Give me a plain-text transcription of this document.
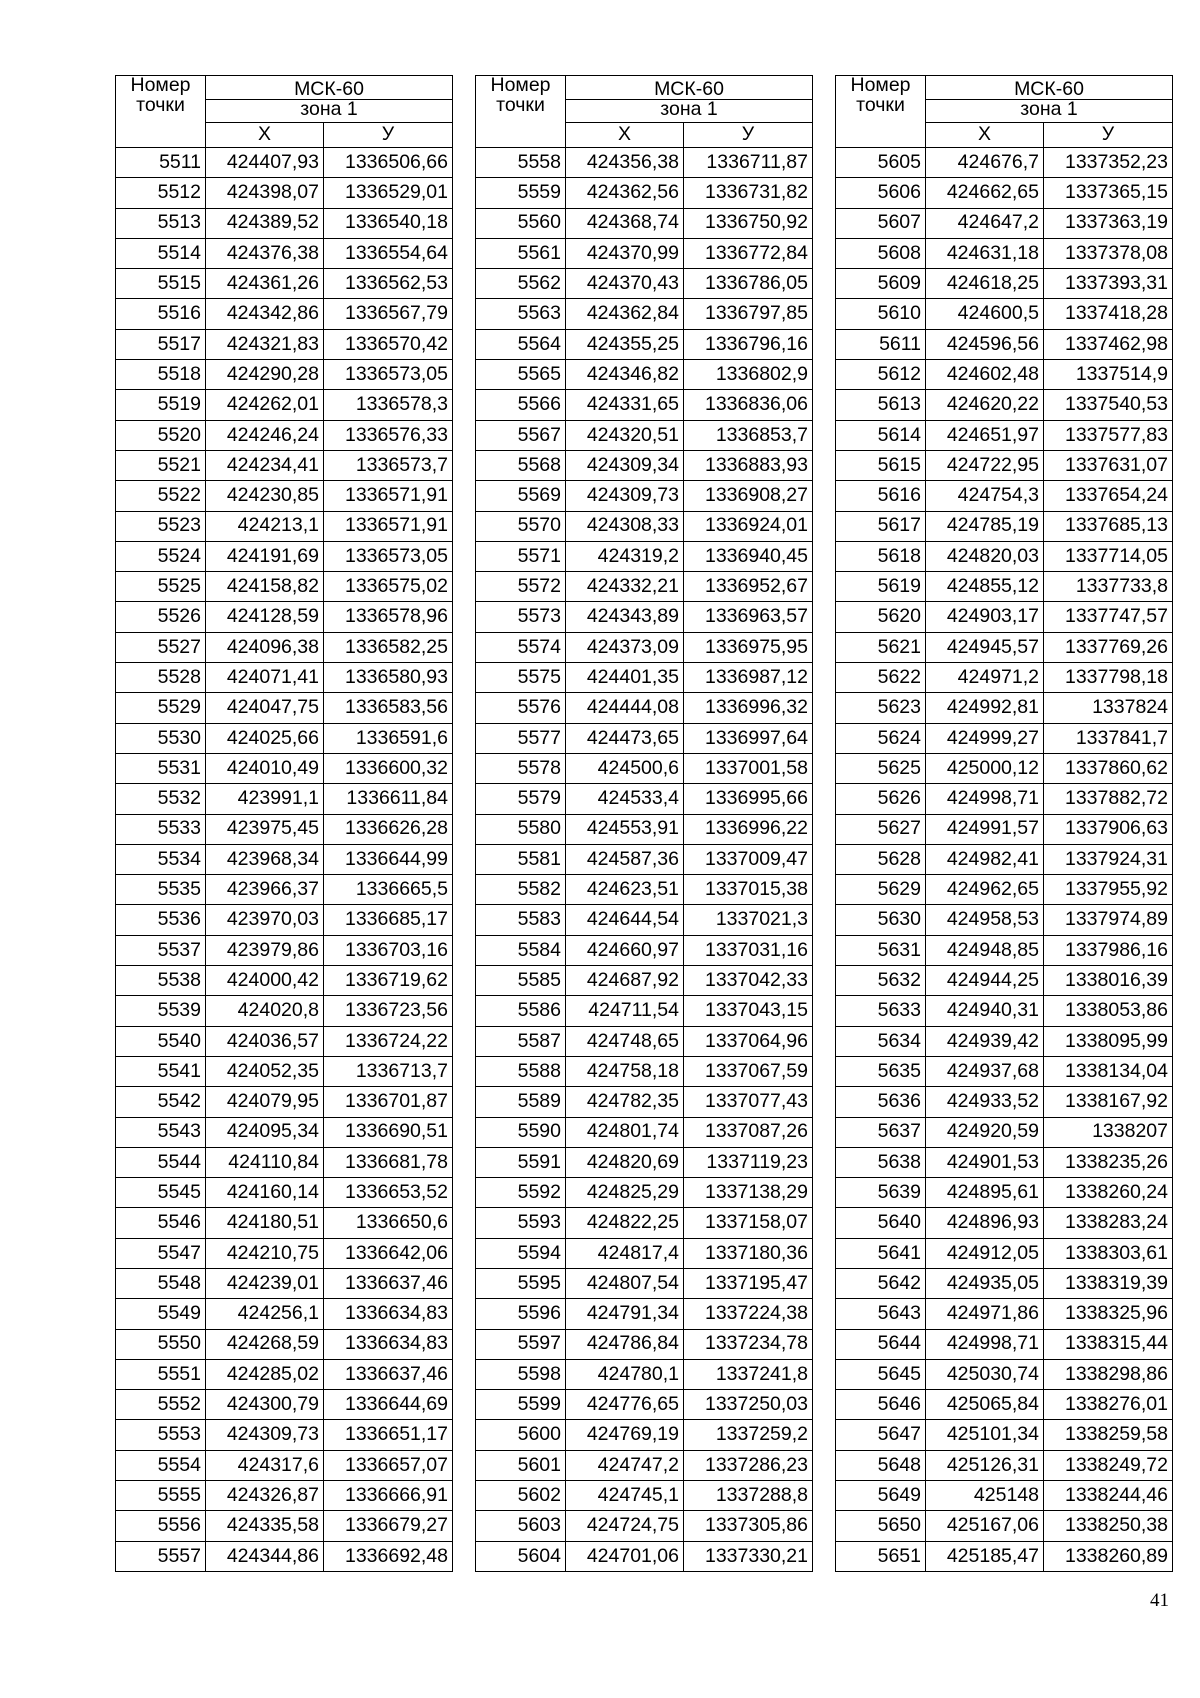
Номер
точки	МСК-60	
	зона 1	
	Х	У
5511	424407,93	1336506,66
5512	424398,07	1336529,01
5513	424389,52	1336540,18
5514	424376,38	1336554,64
5515	424361,26	1336562,53
5516	424342,86	1336567,79
5517	424321,83	1336570,42
5518	424290,28	1336573,05
5519	424262,01	1336578,3
5520	424246,24	1336576,33
5521	424234,41	1336573,7
5522	424230,85	1336571,91
5523	424213,1	1336571,91
5524	424191,69	1336573,05
5525	424158,82	1336575,02
5526	424128,59	1336578,96
5527	424096,38	1336582,25
5528	424071,41	1336580,93
5529	424047,75	1336583,56
5530	424025,66	1336591,6
5531	424010,49	1336600,32
5532	423991,1	1336611,84
5533	423975,45	1336626,28
5534	423968,34	1336644,99
5535	423966,37	1336665,5
5536	423970,03	1336685,17
5537	423979,86	1336703,16
5538	424000,42	1336719,62
5539	424020,8	1336723,56
5540	424036,57	1336724,22
5541	424052,35	1336713,7
5542	424079,95	1336701,87
5543	424095,34	1336690,51
5544	424110,84	1336681,78
5545	424160,14	1336653,52
5546	424180,51	1336650,6
5547	424210,75	1336642,06
5548	424239,01	1336637,46
5549	424256,1	1336634,83
5550	424268,59	1336634,83
5551	424285,02	1336637,46
5552	424300,79	1336644,69
5553	424309,73	1336651,17
5554	424317,6	1336657,07
5555	424326,87	1336666,91
5556	424335,58	1336679,27
5557	424344,86	1336692,48
Номер
точки	МСК-60	
	зона 1	
	Х	У
5558	424356,38	1336711,87
5559	424362,56	1336731,82
5560	424368,74	1336750,92
5561	424370,99	1336772,84
5562	424370,43	1336786,05
5563	424362,84	1336797,85
5564	424355,25	1336796,16
5565	424346,82	1336802,9
5566	424331,65	1336836,06
5567	424320,51	1336853,7
5568	424309,34	1336883,93
5569	424309,73	1336908,27
5570	424308,33	1336924,01
5571	424319,2	1336940,45
5572	424332,21	1336952,67
5573	424343,89	1336963,57
5574	424373,09	1336975,95
5575	424401,35	1336987,12
5576	424444,08	1336996,32
5577	424473,65	1336997,64
5578	424500,6	1337001,58
5579	424533,4	1336995,66
5580	424553,91	1336996,22
5581	424587,36	1337009,47
5582	424623,51	1337015,38
5583	424644,54	1337021,3
5584	424660,97	1337031,16
5585	424687,92	1337042,33
5586	424711,54	1337043,15
5587	424748,65	1337064,96
5588	424758,18	1337067,59
5589	424782,35	1337077,43
5590	424801,74	1337087,26
5591	424820,69	1337119,23
5592	424825,29	1337138,29
5593	424822,25	1337158,07
5594	424817,4	1337180,36
5595	424807,54	1337195,47
5596	424791,34	1337224,38
5597	424786,84	1337234,78
5598	424780,1	1337241,8
5599	424776,65	1337250,03
5600	424769,19	1337259,2
5601	424747,2	1337286,23
5602	424745,1	1337288,8
5603	424724,75	1337305,86
5604	424701,06	1337330,21
Номер
точки	МСК-60	
	зона 1	
	Х	У
5605	424676,7	1337352,23
5606	424662,65	1337365,15
5607	424647,2	1337363,19
5608	424631,18	1337378,08
5609	424618,25	1337393,31
5610	424600,5	1337418,28
5611	424596,56	1337462,98
5612	424602,48	1337514,9
5613	424620,22	1337540,53
5614	424651,97	1337577,83
5615	424722,95	1337631,07
5616	424754,3	1337654,24
5617	424785,19	1337685,13
5618	424820,03	1337714,05
5619	424855,12	1337733,8
5620	424903,17	1337747,57
5621	424945,57	1337769,26
5622	424971,2	1337798,18
5623	424992,81	1337824
5624	424999,27	1337841,7
5625	425000,12	1337860,62
5626	424998,71	1337882,72
5627	424991,57	1337906,63
5628	424982,41	1337924,31
5629	424962,65	1337955,92
5630	424958,53	1337974,89
5631	424948,85	1337986,16
5632	424944,25	1338016,39
5633	424940,31	1338053,86
5634	424939,42	1338095,99
5635	424937,68	1338134,04
5636	424933,52	1338167,92
5637	424920,59	1338207
5638	424901,53	1338235,26
5639	424895,61	1338260,24
5640	424896,93	1338283,24
5641	424912,05	1338303,61
5642	424935,05	1338319,39
5643	424971,86	1338325,96
5644	424998,71	1338315,44
5645	425030,74	1338298,86
5646	425065,84	1338276,01
5647	425101,34	1338259,58
5648	425126,31	1338249,72
5649	425148	1338244,46
5650	425167,06	1338250,38
5651	425185,47	1338260,89
41
